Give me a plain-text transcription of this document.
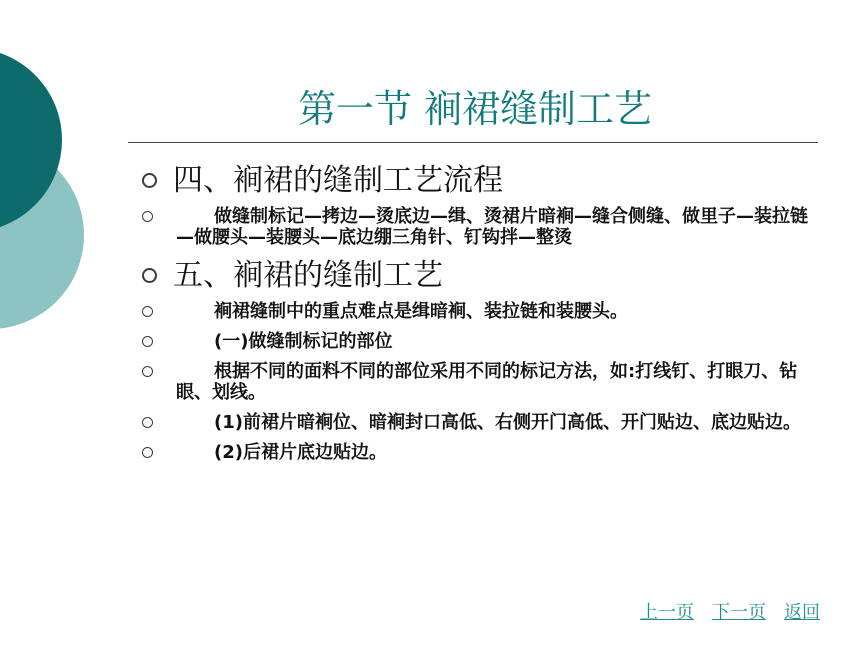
第一节 裥裙缝制工艺
四、裥裙的缝制工艺流程
做缝制标记—拷边—烫底边—缉、烫裙片暗裥—缝合侧缝、做里子—装拉链—做腰头—装腰头—底边绷三角针、钉钩拌—整烫
五、裥裙的缝制工艺
裥裙缝制中的重点难点是缉暗裥、装拉链和装腰头。
(一)做缝制标记的部位
根据不同的面料不同的部位采用不同的标记方法，如:打线钉、打眼刀、钻眼、划线。
(1)前裙片暗裥位、暗裥封口高低、右侧开门高低、开门贴边、底边贴边。
(2)后裙片底边贴边。
上一页 下一页 返回
